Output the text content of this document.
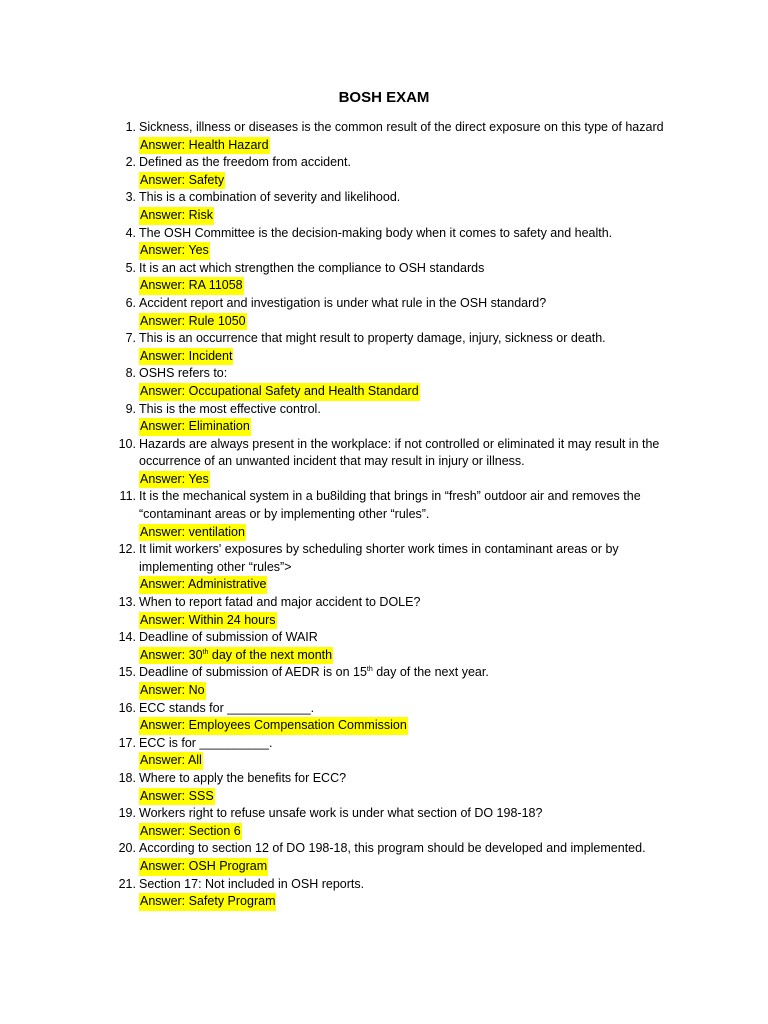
BOSH EXAM
1. Sickness, illness or diseases is the common result of the direct exposure on this type of hazard
Answer: Health Hazard
2. Defined as the freedom from accident.
Answer: Safety
3. This is a combination of severity and likelihood.
Answer: Risk
4. The OSH Committee is the decision-making body when it comes to safety and health.
Answer: Yes
5. It is an act which strengthen the compliance to OSH standards
Answer: RA 11058
6. Accident report and investigation is under what rule in the OSH standard?
Answer: Rule 1050
7. This is an occurrence that might result to property damage, injury, sickness or death.
Answer: Incident
8. OSHS refers to:
Answer: Occupational Safety and Health Standard
9. This is the most effective control.
Answer: Elimination
10. Hazards are always present in the workplace: if not controlled or eliminated it may result in the occurrence of an unwanted incident that may result in injury or illness.
Answer: Yes
11. It is the mechanical system in a bu8ilding that brings in “fresh” outdoor air and removes the “contaminant areas or by implementing other “rules”.
Answer: ventilation
12. It limit workers' exposures by scheduling shorter work times in contaminant areas or by implementing other “rules”>
Answer: Administrative
13. When to report fatad and major accident to DOLE?
Answer: Within 24 hours
14. Deadline of submission of WAIR
Answer: 30th day of the next month
15. Deadline of submission of AEDR is on 15th day of the next year.
Answer: No
16. ECC stands for ____________.
Answer: Employees Compensation Commission
17. ECC is for __________.
Answer: All
18. Where to apply the benefits for ECC?
Answer: SSS
19. Workers right to refuse unsafe work is under what section of DO 198-18?
Answer: Section 6
20. According to section 12 of DO 198-18, this program should be developed and implemented.
Answer: OSH Program
21. Section 17: Not included in OSH reports.
Answer: Safety Program
